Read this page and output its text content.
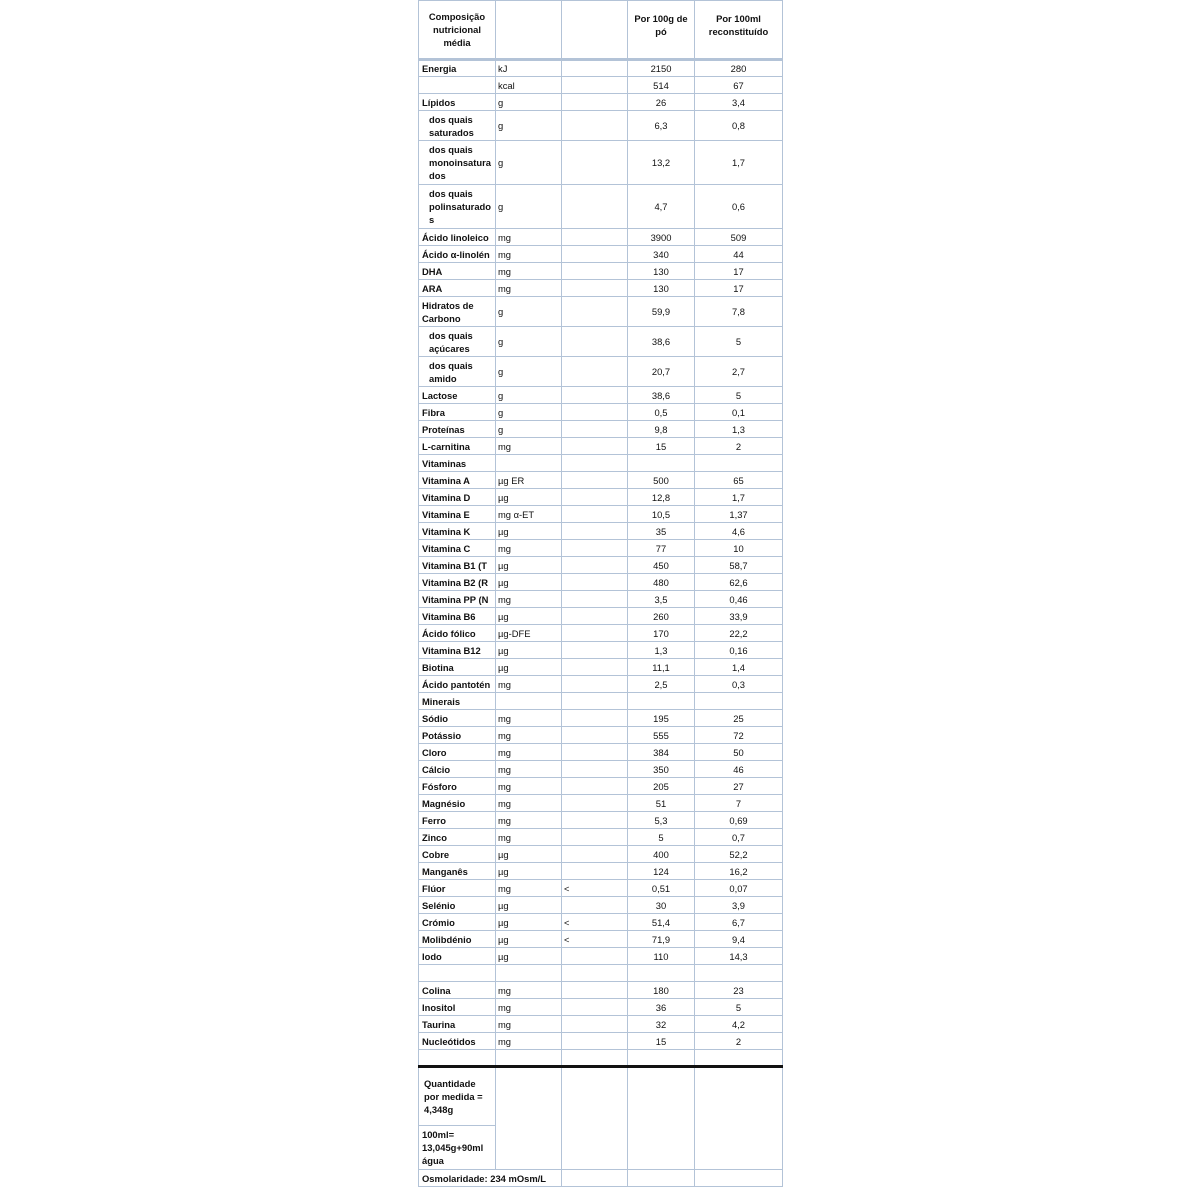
Composição nutricional média			Por 100g de pó	Por 100ml reconstituído
Energia	kJ		2150	280
	kcal		514	67
Lípidos	g		26	3,4
dos quais saturados	g		6,3	0,8
dos quais monoinsatura dos	g		13,2	1,7
dos quais polinsaturado s	g		4,7	0,6
Ácido linoleico	mg		3900	509
Ácido α-linolén	mg		340	44
DHA	mg		130	17
ARA	mg		130	17
Hidratos de Carbono	g		59,9	7,8
dos quais açúcares	g		38,6	5
dos quais amido	g		20,7	2,7
Lactose	g		38,6	5
Fibra	g		0,5	0,1
Proteínas	g		9,8	1,3
L-carnitina	mg		15	2
Vitaminas				
Vitamina A	µg ER		500	65
Vitamina D	µg		12,8	1,7
Vitamina E	mg α-ET		10,5	1,37
Vitamina K	µg		35	4,6
Vitamina C	mg		77	10
Vitamina B1 (T	µg		450	58,7
Vitamina B2 (R	µg		480	62,6
Vitamina PP (N	mg		3,5	0,46
Vitamina B6	µg		260	33,9
Ácido fólico	µg-DFE		170	22,2
Vitamina B12	µg		1,3	0,16
Biotina	µg		11,1	1,4
Ácido pantotén	mg		2,5	0,3
Minerais				
Sódio	mg		195	25
Potássio	mg		555	72
Cloro	mg		384	50
Cálcio	mg		350	46
Fósforo	mg		205	27
Magnésio	mg		51	7
Ferro	mg		5,3	0,69
Zinco	mg		5	0,7
Cobre	µg		400	52,2
Manganês	µg		124	16,2
Flúor	mg	<	0,51	0,07
Selénio	µg		30	3,9
Crómio	µg	<	51,4	6,7
Molibdénio	µg	<	71,9	9,4
Iodo	µg		110	14,3

Colina	mg		180	23
Inositol	mg		36	5
Taurina	mg		32	4,2
Nucleótidos	mg		15	2

Quantidade por medida = 4,348g				
100ml= 13,045g+90ml água				
Osmolaridade: 234 mOsm/L				
